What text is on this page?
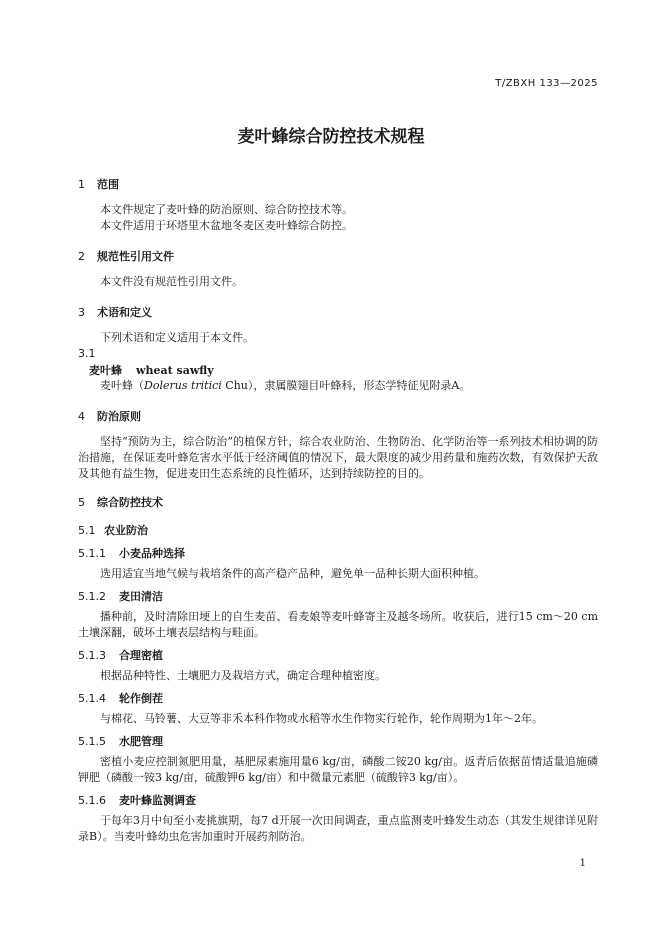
T/ZBXH 133—2025
麦叶蜂综合防控技术规程
1 范围
本文件规定了麦叶蜂的防治原则、综合防控技术等。
本文件适用于环塔里木盆地冬麦区麦叶蜂综合防控。
2 规范性引用文件
本文件没有规范性引用文件。
3 术语和定义
下列术语和定义适用于本文件。
3.1
麦叶蜂 wheat sawfly
麦叶蜂（Dolerus tritici Chu），隶属膜翅目叶蜂科，形态学特征见附录A。
4 防治原则
坚持“预防为主，综合防治”的植保方针，综合农业防治、生物防治、化学防治等一系列技术相协调的防治措施，在保证麦叶蜂危害水平低于经济阈值的情况下，最大限度的减少用药量和施药次数，有效保护天敌及其他有益生物，促进麦田生态系统的良性循环，达到持续防控的目的。
5 综合防控技术
5.1 农业防治
5.1.1 小麦品种选择
选用适宜当地气候与栽培条件的高产稳产品种，避免单一品种长期大面积种植。
5.1.2 麦田清洁
播种前，及时清除田埂上的自生麦苗、看麦娘等麦叶蜂寄主及越冬场所。收获后，进行15 cm～20 cm土壤深翻，破坏土壤表层结构与畦面。
5.1.3 合理密植
根据品种特性、土壤肥力及栽培方式，确定合理种植密度。
5.1.4 轮作倒茬
与棉花、马铃薯、大豆等非禾本科作物或水稻等水生作物实行轮作，轮作周期为1年～2年。
5.1.5 水肥管理
密植小麦应控制氮肥用量，基肥尿素施用量6 kg/亩，磷酸二铵20 kg/亩。返青后依据苗情适量追施磷钾肥（磷酸一铵3 kg/亩，硫酸钾6 kg/亩）和中微量元素肥（硫酸锌3 kg/亩）。
5.1.6 麦叶蜂监测调查
于每年3月中旬至小麦挑旗期，每7 d开展一次田间调查，重点监测麦叶蜂发生动态（其发生规律详见附录B）。当麦叶蜂幼虫危害加重时开展药剂防治。
1
